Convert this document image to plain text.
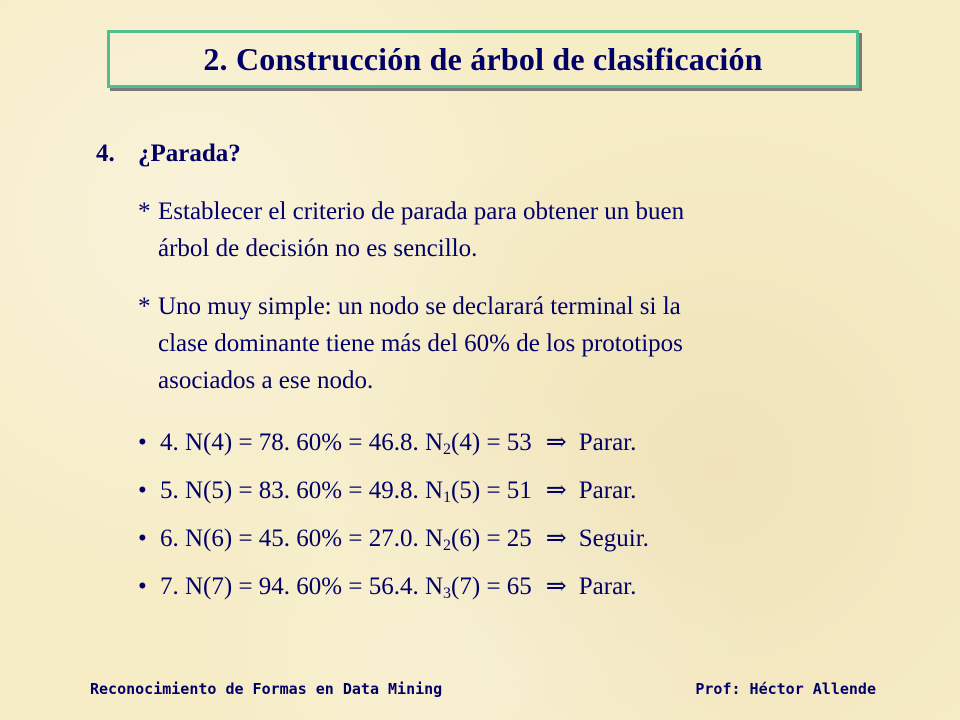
2. Construcción de árbol de clasificación
4. ¿Parada?
* Establecer el criterio de parada para obtener un buen
árbol de decisión no es sencillo.
* Uno muy simple: un nodo se declarará terminal si la
clase dominante tiene más del 60% de los prototipos
asociados a ese nodo.
• 4. N(4) = 78. 60% = 46.8. $N_2(4) = 53$ ⇒ Parar.
• 5. N(5) = 83. 60% = 49.8. $N_1(5) = 51$ ⇒ Parar.
• 6. N(6) = 45. 60% = 27.0. $N_2(6) = 25$ ⇒ Seguir.
• 7. N(7) = 94. 60% = 56.4. $N_3(7) = 65$ ⇒ Parar.
Reconocimiento de Formas en Data Mining	Prof: Héctor Allende
